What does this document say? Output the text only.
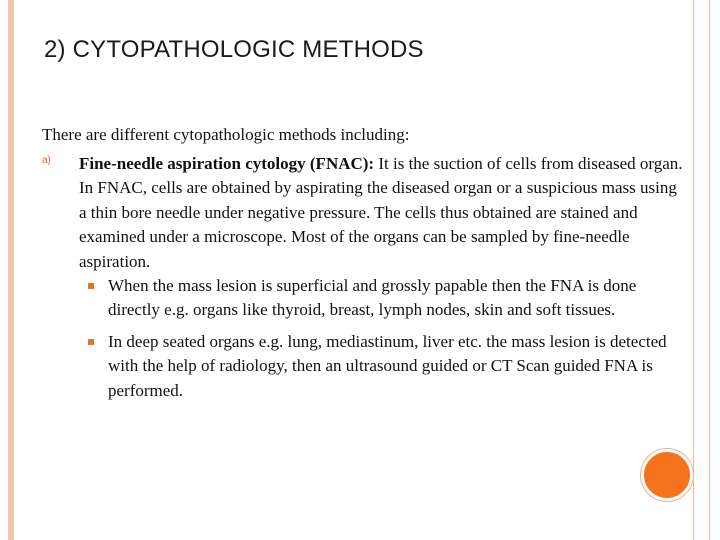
2) CYTOPATHOLOGIC METHODS

There are different cytopathologic methods including:

a) Fine-needle aspiration cytology (FNAC): It is the suction of cells from diseased organ. In FNAC, cells are obtained by aspirating the diseased organ or a suspicious mass using a thin bore needle under negative pressure. The cells thus obtained are stained and examined under a microscope. Most of the organs can be sampled by fine-needle aspiration.

When the mass lesion is superficial and grossly papable then the FNA is done directly e.g. organs like thyroid, breast, lymph nodes, skin and soft tissues.

In deep seated organs e.g. lung, mediastinum, liver etc. the mass lesion is detected with the help of radiology, then an ultrasound guided or CT Scan guided FNA is performed.
